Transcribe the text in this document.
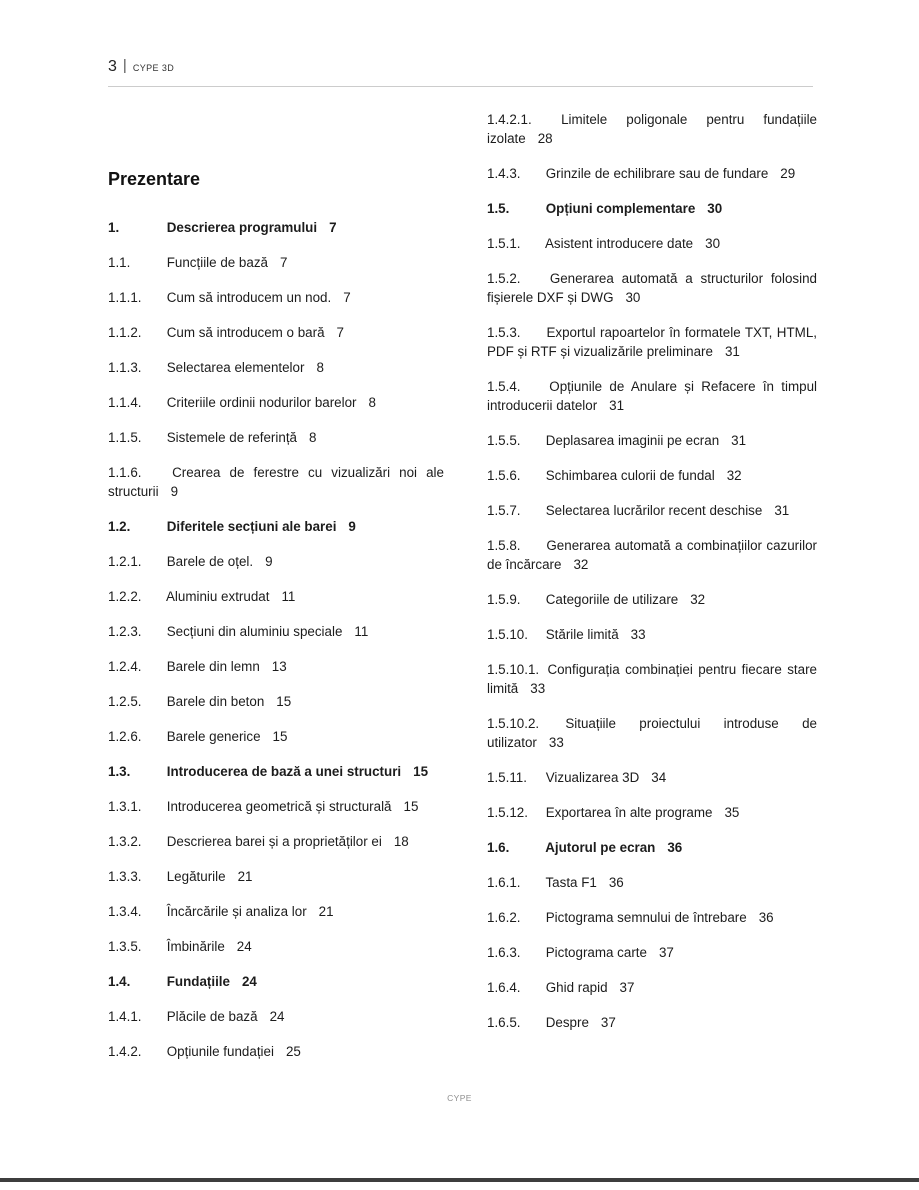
3 | CYPE 3D
Prezentare
1.	Descrierea programului 7
1.1.	Funcțiile de bază 7
1.1.1. Cum să introducem un nod. 7
1.1.2. Cum să introducem o bară 7
1.1.3. Selectarea elementelor 8
1.1.4. Criteriile ordinii nodurilor barelor 8
1.1.5. Sistemele de referință 8
1.1.6. Crearea de ferestre cu vizualizări noi ale structurii 9
1.2.	Diferitele secțiuni ale barei 9
1.2.1. Barele de oțel. 9
1.2.2. Aluminiu extrudat 11
1.2.3. Secțiuni din aluminiu speciale 11
1.2.4. Barele din lemn 13
1.2.5. Barele din beton 15
1.2.6. Barele generice 15
1.3.	Introducerea de bază a unei structuri 15
1.3.1. Introducerea geometrică și structurală 15
1.3.2. Descrierea barei și a proprietăților ei 18
1.3.3. Legăturile 21
1.3.4. Încărcările și analiza lor 21
1.3.5. Îmbinările 24
1.4.	Fundațiile 24
1.4.1. Plăcile de bază 24
1.4.2. Opțiunile fundației 25
1.4.2.1. Limitele poligonale pentru fundațiile izolate 28
1.4.3. Grinzile de echilibrare sau de fundare 29
1.5.	Opțiuni complementare 30
1.5.1. Asistent introducere date 30
1.5.2. Generarea automată a structurilor folosind fișierele DXF și DWG 30
1.5.3. Exportul rapoartelor în formatele TXT, HTML, PDF și RTF și vizualizările preliminare 31
1.5.4. Opțiunile de Anulare și Refacere în timpul introducerii datelor 31
1.5.5. Deplasarea imaginii pe ecran 31
1.5.6. Schimbarea culorii de fundal 32
1.5.7. Selectarea lucrărilor recent deschise 31
1.5.8. Generarea automată a combinațiilor cazurilor de încărcare 32
1.5.9. Categoriile de utilizare 32
1.5.10. Stările limită 33
1.5.10.1. Configurația combinației pentru fiecare stare limită 33
1.5.10.2. Situațiile proiectului introduse de utilizator 33
1.5.11. Vizualizarea 3D 34
1.5.12. Exportarea în alte programe 35
1.6.	Ajutorul pe ecran 36
1.6.1. Tasta F1 36
1.6.2. Pictograma semnului de întrebare 36
1.6.3. Pictograma carte 37
1.6.4. Ghid rapid 37
1.6.5. Despre 37
CYPE
